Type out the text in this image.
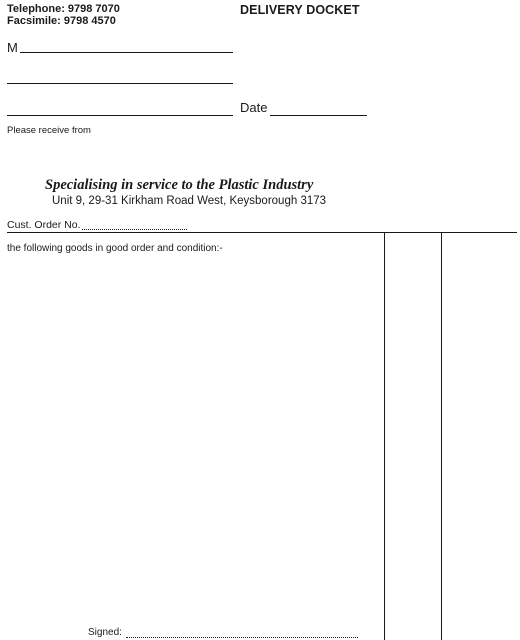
Telephone: 9798 7070
Facsimile: 9798 4570
DELIVERY DOCKET
M
Date
Please receive from
Specialising in service to the Plastic Industry
Unit 9, 29-31 Kirkham Road West, Keysborough 3173
Cust. Order No.
the following goods in good order and condition:-
Signed:
